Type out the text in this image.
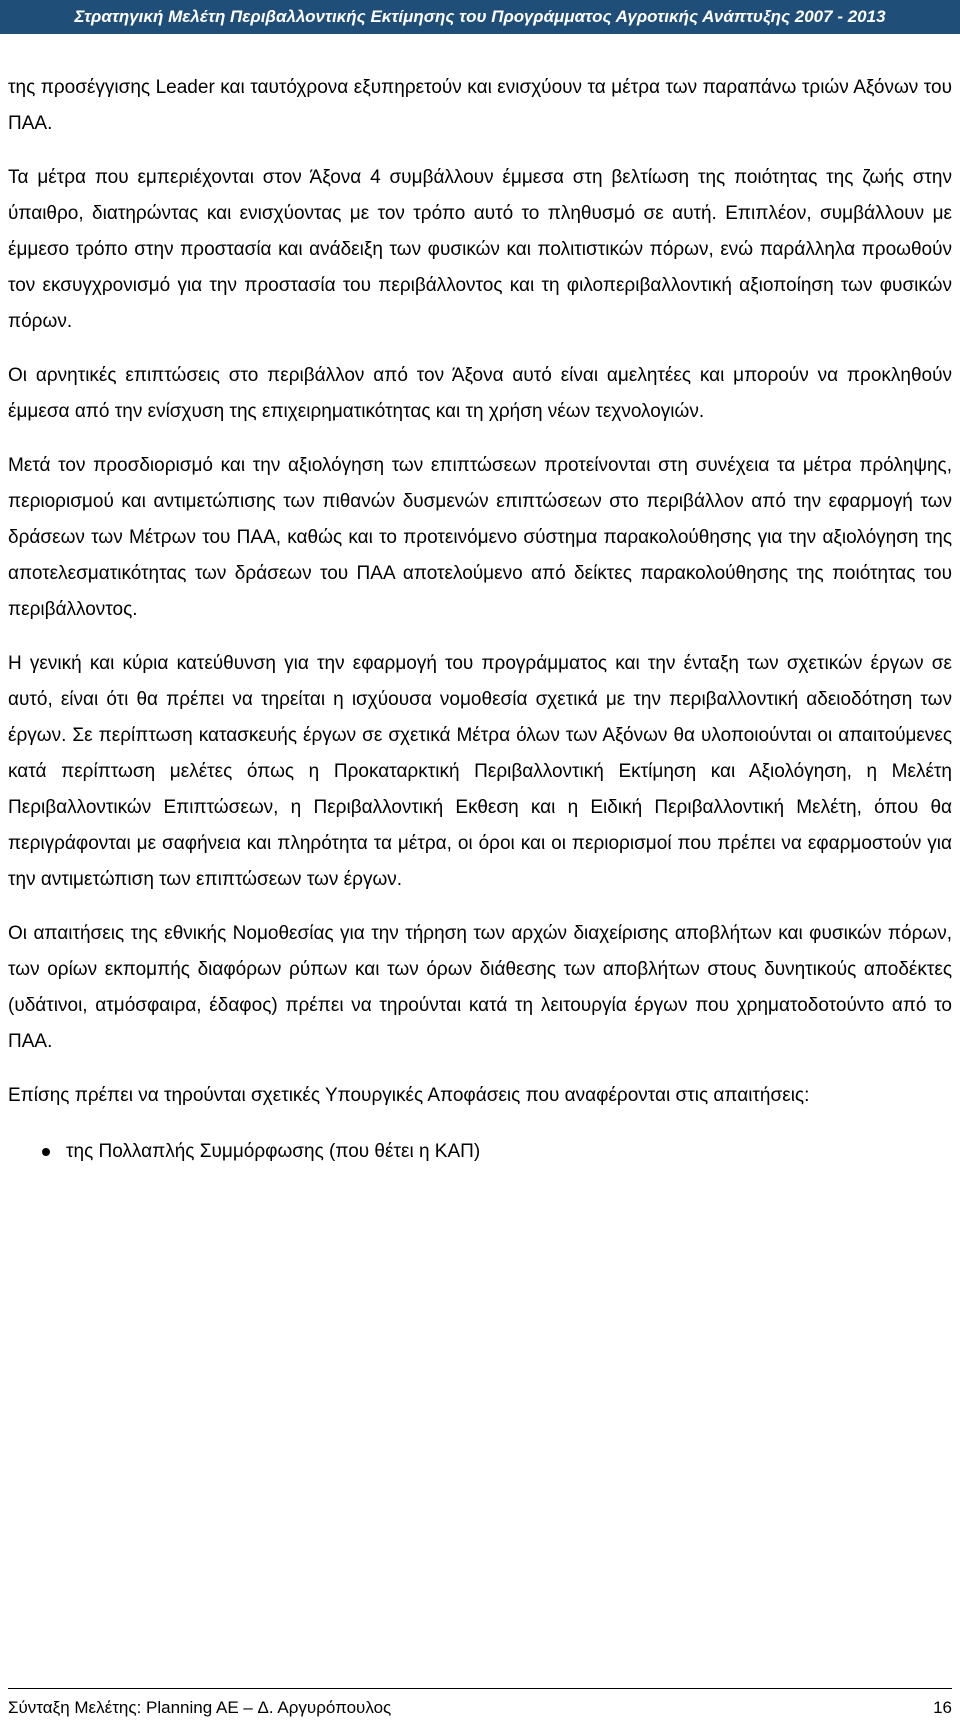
Στρατηγική Μελέτη Περιβαλλοντικής Εκτίμησης του Προγράμματος Αγροτικής Ανάπτυξης 2007 - 2013

της προσέγγισης Leader και ταυτόχρονα εξυπηρετούν και ενισχύουν τα μέτρα των παραπάνω τριών Αξόνων του ΠΑΑ.

Τα μέτρα που εμπεριέχονται στον Άξονα 4 συμβάλλουν έμμεσα στη βελτίωση της ποιότητας της ζωής στην ύπαιθρο, διατηρώντας και ενισχύοντας με τον τρόπο αυτό το πληθυσμό σε αυτή. Επιπλέον, συμβάλλουν με έμμεσο τρόπο στην προστασία και ανάδειξη των φυσικών και πολιτιστικών πόρων, ενώ παράλληλα προωθούν τον εκσυγχρονισμό για την προστασία του περιβάλλοντος και τη φιλοπεριβαλλοντική αξιοποίηση των φυσικών πόρων.

Οι αρνητικές επιπτώσεις στο περιβάλλον από τον Άξονα αυτό είναι αμελητέες και μπορούν να προκληθούν έμμεσα από την ενίσχυση της επιχειρηματικότητας και τη χρήση νέων τεχνολογιών.

Μετά τον προσδιορισμό και την αξιολόγηση των επιπτώσεων προτείνονται στη συνέχεια τα μέτρα πρόληψης, περιορισμού και αντιμετώπισης των πιθανών δυσμενών επιπτώσεων στο περιβάλλον από την εφαρμογή των δράσεων των Μέτρων του ΠΑΑ, καθώς και το προτεινόμενο σύστημα παρακολούθησης για την αξιολόγηση της αποτελεσματικότητας των δράσεων του ΠΑΑ αποτελούμενο από δείκτες παρακολούθησης της ποιότητας του περιβάλλοντος.

Η γενική και κύρια κατεύθυνση για την εφαρμογή του προγράμματος και την ένταξη των σχετικών έργων σε αυτό, είναι ότι θα πρέπει να τηρείται η ισχύουσα νομοθεσία σχετικά με την περιβαλλοντική αδειοδότηση των έργων. Σε περίπτωση κατασκευής έργων σε σχετικά Μέτρα όλων των Αξόνων θα υλοποιούνται οι απαιτούμενες κατά περίπτωση μελέτες όπως η Προκαταρκτική Περιβαλλοντική Εκτίμηση και Αξιολόγηση, η Μελέτη Περιβαλλοντικών Επιπτώσεων, η Περιβαλλοντική Εκθεση και η Ειδική Περιβαλλοντική Μελέτη, όπου θα περιγράφονται με σαφήνεια και πληρότητα τα μέτρα, οι όροι και οι περιορισμοί που πρέπει να εφαρμοστούν για την αντιμετώπιση των επιπτώσεων των έργων.

Οι απαιτήσεις της εθνικής Νομοθεσίας για την τήρηση των αρχών διαχείρισης αποβλήτων και φυσικών πόρων, των ορίων εκπομπής διαφόρων ρύπων και των όρων διάθεσης των αποβλήτων στους δυνητικούς αποδέκτες (υδάτινοι, ατμόσφαιρα, έδαφος) πρέπει να τηρούνται κατά τη λειτουργία έργων που χρηματοδοτούντο από το ΠΑΑ.

Επίσης πρέπει να τηρούνται σχετικές Υπουργικές Αποφάσεις που αναφέρονται στις απαιτήσεις:

της Πολλαπλής Συμμόρφωσης (που θέτει η ΚΑΠ)
Σύνταξη Μελέτης: Planning AE – Δ. Αργυρόπουλος	16
